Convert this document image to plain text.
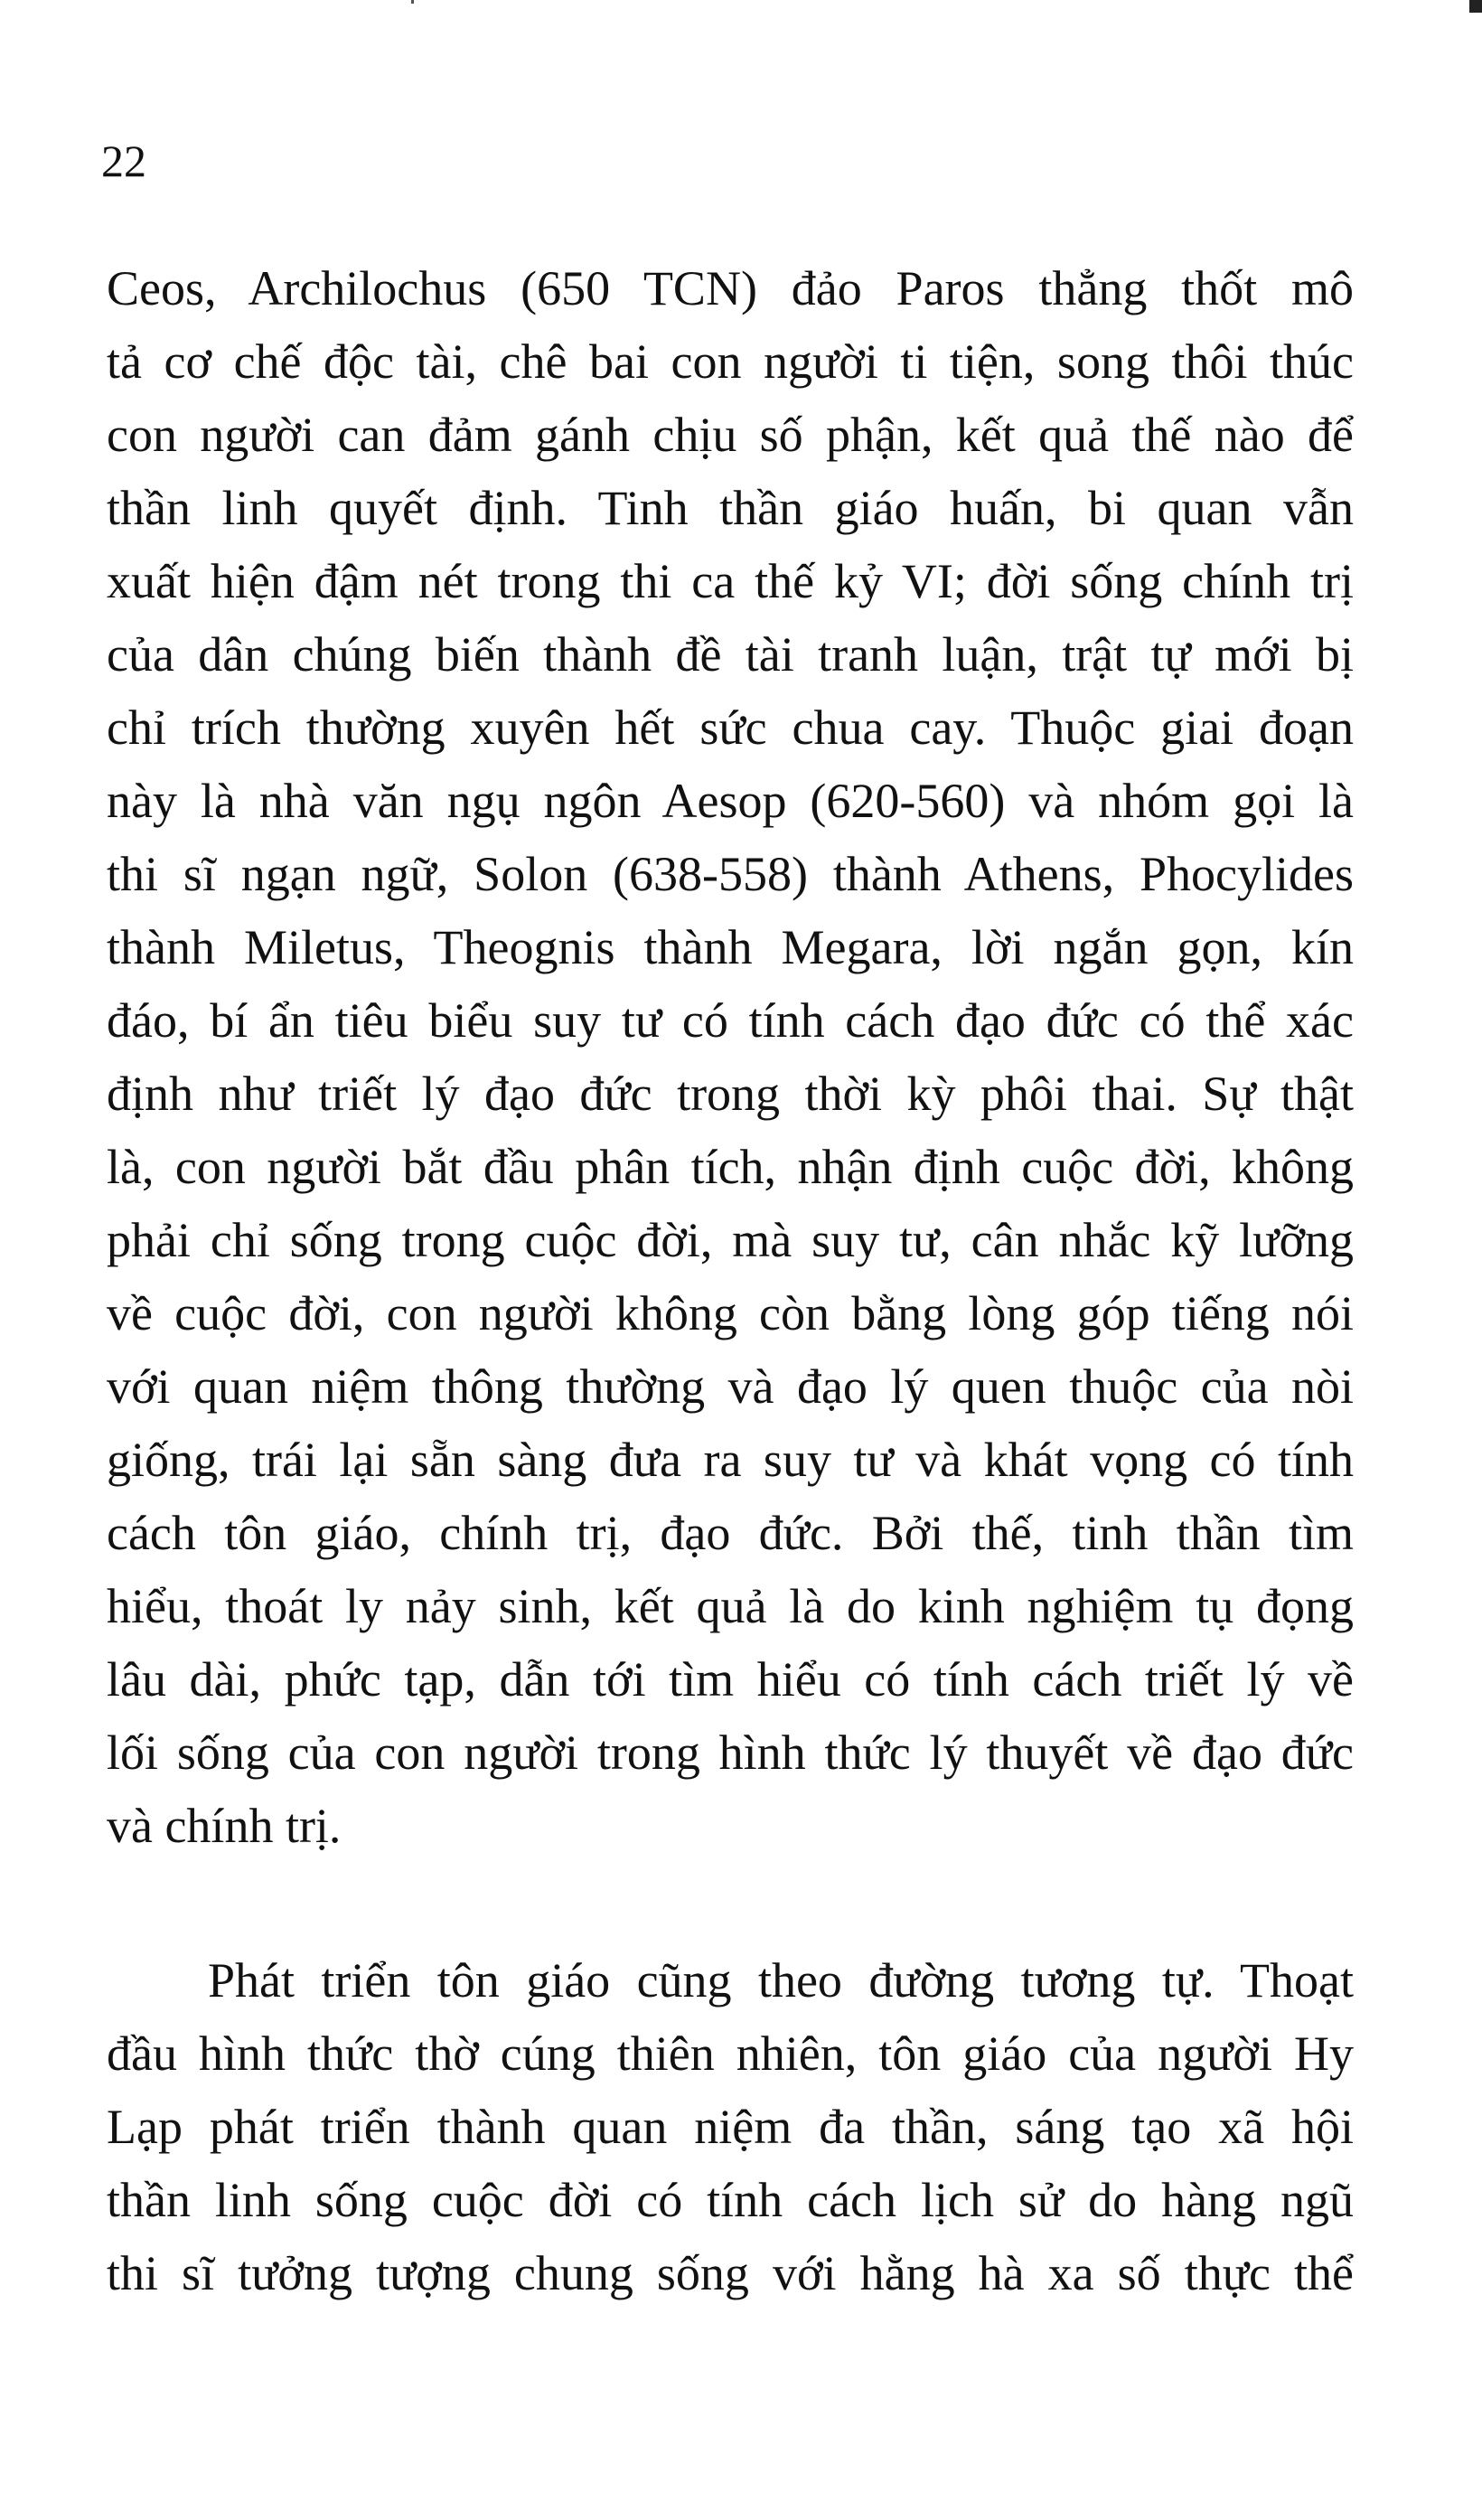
22
Ceos, Archilochus (650 TCN) đảo Paros thẳng thốt mô
tả cơ chế độc tài, chê bai con người ti tiện, song thôi thúc
con người can đảm gánh chịu số phận, kết quả thế nào để
thần linh quyết định. Tinh thần giáo huấn, bi quan vẫn
xuất hiện đậm nét trong thi ca thế kỷ VI; đời sống chính trị
của dân chúng biến thành đề tài tranh luận, trật tự mới bị
chỉ trích thường xuyên hết sức chua cay. Thuộc giai đoạn
này là nhà văn ngụ ngôn Aesop (620-560) và nhóm gọi là
thi sĩ ngạn ngữ, Solon (638-558) thành Athens, Phocylides
thành Miletus, Theognis thành Megara, lời ngắn gọn, kín
đáo, bí ẩn tiêu biểu suy tư có tính cách đạo đức có thể xác
định như triết lý đạo đức trong thời kỳ phôi thai. Sự thật
là, con người bắt đầu phân tích, nhận định cuộc đời, không
phải chỉ sống trong cuộc đời, mà suy tư, cân nhắc kỹ lưỡng
về cuộc đời, con người không còn bằng lòng góp tiếng nói
với quan niệm thông thường và đạo lý quen thuộc của nòi
giống, trái lại sẵn sàng đưa ra suy tư và khát vọng có tính
cách tôn giáo, chính trị, đạo đức. Bởi thế, tinh thần tìm
hiểu, thoát ly nảy sinh, kết quả là do kinh nghiệm tụ đọng
lâu dài, phức tạp, dẫn tới tìm hiểu có tính cách triết lý về
lối sống của con người trong hình thức lý thuyết về đạo đức
và chính trị.
Phát triển tôn giáo cũng theo đường tương tự. Thoạt
đầu hình thức thờ cúng thiên nhiên, tôn giáo của người Hy
Lạp phát triển thành quan niệm đa thần, sáng tạo xã hội
thần linh sống cuộc đời có tính cách lịch sử do hàng ngũ
thi sĩ tưởng tượng chung sống với hằng hà xa số thực thể
